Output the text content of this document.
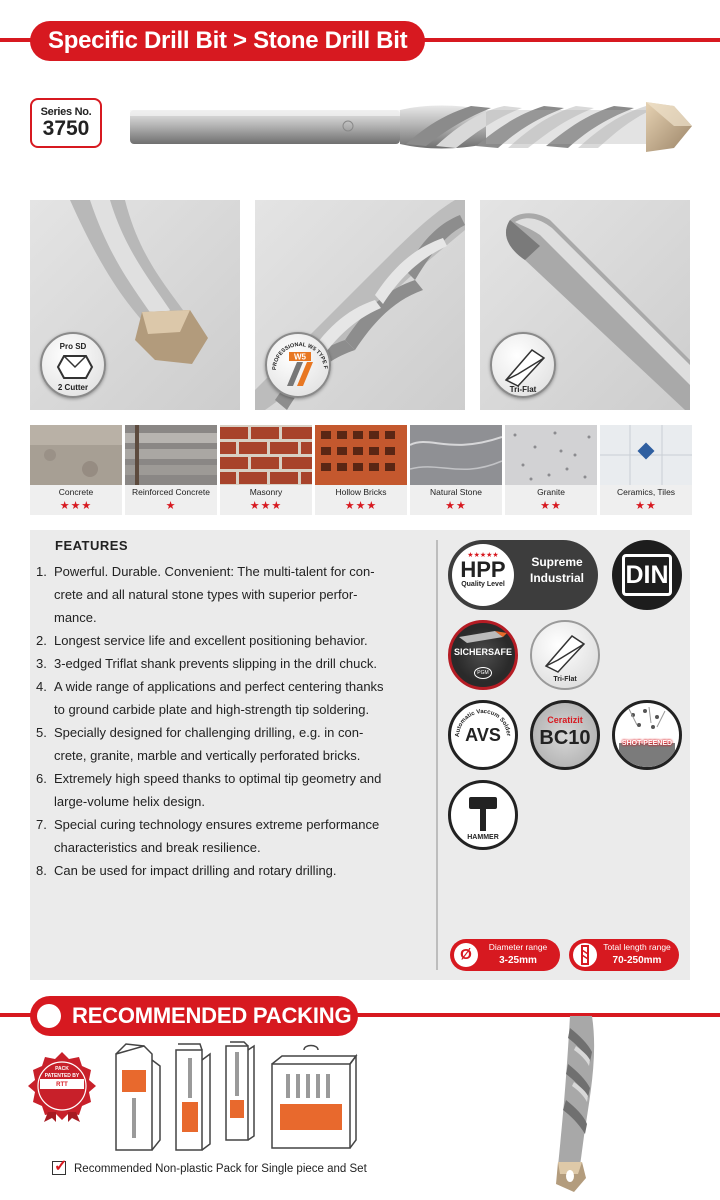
Specific Drill Bit > Stone Drill Bit
Series No.
3750
Pro SD
2 Cutter
PROFESSIONAL W5 TYPE F
W5
Tri-Flat
Concrete
★★★
Reinforced Concrete
★
Masonry
★★★
Hollow Bricks
★★★
Natural Stone
★★
Granite
★★
Ceramics, Tiles
★★
FEATURES
1. Powerful. Durable. Convenient: The multi-talent for con-
crete and all natural stone types with superior perfor-
mance.
2. Longest service life and excellent positioning behavior.
3. 3-edged Triflat shank prevents slipping in the drill chuck.
4. A wide range of applications and perfect centering thanks
to ground carbide plate and high-strength tip soldering.
5. Specially designed for challenging drilling, e.g. in con-
crete, granite, marble and vertically perforated bricks.
6. Extremely high speed thanks to optimal tip geometry and
large-volume helix design.
7. Special curing technology ensures extreme performance
characteristics and break resilience.
8. Can be used for impact drilling and rotary drilling.
★★★★★
HPP
Quality Level
Supreme
Industrial	DIN
SICHERSAFE
PGM
Tri-Flat
Automatic Vaccum Solder
AVS
Ceratizit
BC10	SHOT-PEENED
HAMMER
Ø	Diameter range
3-25mm
Total length range
70-250mm
RECOMMENDED PACKING
PACK
PATENTED BY
RTT
✓ Recommended Non-plastic Pack for Single piece and Set
